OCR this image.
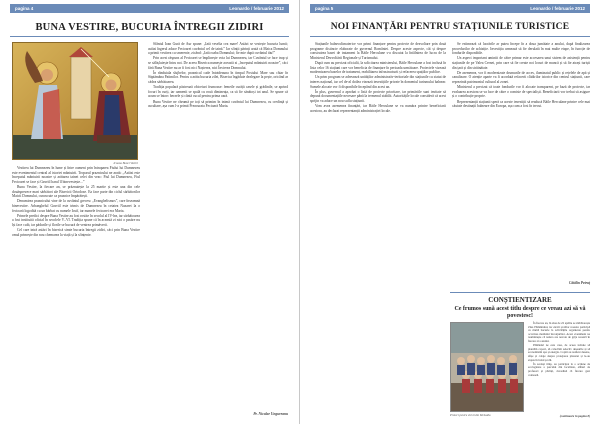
pagina 4	Leonardo / februarie 2012
BUNA VESTIRE, BUCURIA ÎNTREGII ZIDIRI
Icoana Bunei Vestiri

Vestirea lui Dumnezeu în lume și între oameni prin întruparea Fiului lui Dumnezeu este evenimentul central al istoriei mântuirii. Troparul praznicului ne arată: „Astăzi este începutul mântuirii noastre și arătarea tainei celei din veac: Fiul lui Dumnezeu, Fiul Fecioarei se face și Gavriil harul îl binevestește...”

Buna Vestire, la fiecare an, se prăznuiește la 25 martie și este una din cele douăsprezece mari sărbători ale Bisericii Ortodoxe. Ea face parte din ciclul sărbătorilor Maicii Domnului, cunoscute ca praznice împărătești.

Denumirea praznicului vine de la cuvântul grecesc „Evanghelismos”, care înseamnă binevestire. Arhanghelul Gavriil este trimis de Dumnezeu în cetatea Nazaret la o fecioară logodită cu un bărbat cu numele Iosif, iar numele fecioarei era Maria.

Primele predici despre Buna Vestire au fost rostite în secolul al IV-lea, iar sărbătoarea a fost instituită oficial în secolele V–VI. Tradiția spune că în această zi nici o pasăre nu își face cuib, iar pădurile și florile se bucură de venirea primăverii.

Cel care intră astăzi în biserică simte bucuria întregii zidiri, căci prin Buna Vestire omul primește din nou chemarea la viață și la sfințenie.

Sfântul Ioan Gură de Aur spune: „Iată veselia cea mare! Astăzi se vestește bucuria lumii; astăzi îngerul aduce Fecioarei cuvântul cel de taină.” Iar sfinții părinți arată că Maica Domnului a primit vestirea cu smerenie, zicând: „Iată roaba Domnului; fie mie după cuvântul tău!”

Prin acest răspuns al Fecioarei se împlinește voia lui Dumnezeu, iar Cuvântul se face trup și se sălășluiește întru noi. De aceea Biserica numește această zi „începutul mântuirii noastre”, căci fără Buna Vestire nu ar fi fost nici Nașterea, nici Învierea Domnului.

În rânduiala slujbelor, praznicul cade întotdeauna în timpul Postului Mare sau chiar în Săptămâna Patimilor. Pentru a arăta bucuria zilei, Biserica îngăduie dezlegare la pește, oricând ar cădea sărbătoarea.

Tradiția populară păstrează obiceiuri frumoase: femeile curăță casele și grădinile, se aprind focuri în curți, iar oamenii se spală cu rouă dimineața, ca să fie sănătoși tot anul. Se spune că acum se întorc berzele și cântă cucul pentru prima oară.

Buna Vestire ne cheamă pe toți să primim în inimă cuvântul lui Dumnezeu, cu credință și ascultare, așa cum l-a primit Preacurata Fecioară Maria.

Pr. Nicolae Ungureanu
pagina 5	Leonardo / februarie 2012
NOI FINANȚĂRI PENTRU STAȚIUNILE TURISTICE

Stațiunile balneoclimaterice vor primi finanțare pentru proiecte de dezvoltare prin două programe distincte elaborate de guvernul României. Despre aceste aspecte, cât și despre construirea bazei de tratament la Băile Herculane s-a discutat la întâlnirea de lucru de la Ministerul Dezvoltării Regionale și Turismului.

După cum au precizat oficialii, la solicitarea ministerului, Băile Herculane a fost inclusă în lista celor 16 stațiuni care vor beneficia de finanțare în perioada următoare. Proiectele vizează modernizarea bazelor de tratament, reabilitarea infrastructurii și refacerea spațiilor publice.

Un prim program se adresează unităților administrativ-teritoriale din stațiunile cu statut de interes național, iar cel de-al doilea vizează investițiile private în domeniul turismului balnear. Sumele alocate vor fi disponibile începând din acest an.

În plus, guvernul a aprobat o listă de proiecte prioritare, iar primăriile sunt invitate să depună documentațiile necesare până la termenul stabilit. Autoritățile locale consideră că acest sprijin va aduce un nou suflu stațiunii.

Vom avea asemenea finanțări, iar Băile Herculane se va număra printre beneficiarii acestora, au declarat reprezentanții administrației locale.

Se estimează că lucrările ar putea începe în a doua jumătate a anului, după finalizarea procedurilor de achiziție. Investiția urmează să fie derulată în mai multe etape, în funcție de fondurile disponibile.

Un aspect important amintit de către primar este accesarea unui sistem de asistență pentru stațiunile de pe Valea Cernei, prin care să fie create noi locuri de muncă și să fie atrași turiști din țară și din străinătate.

De asemenea, vor fi modernizate drumurile de acces, iluminatul public și rețelele de apă și canalizare. O atenție aparte va fi acordată refacerii clădirilor istorice din centrul stațiunii, care reprezintă patrimoniul cultural al zonei.

Ministerul a precizat că toate fondurile vor fi alocate transparent, pe bază de proiecte, iar evaluarea acestora se va face de către o comisie de specialiști. Beneficiarii vor trebui să asigure și o contribuție proprie.

Reprezentanții stațiunii speră ca aceste investiții să readucă Băile Herculane printre cele mai căutate destinații balneare din Europa, așa cum a fost în trecut.

Cătălin Petruț
CONȘTIENTIZARE
Ce frumos sună acest titlu despre ce vreau azi să vă povestesc!
Proiect pentru elevii din Mehadia

În fiecare an, în ziua de 22 aprilie se sărbătorește Ziua Pământului, iar elevii școlilor noastre participă cu multă bucurie la activitățile organizate pentru ocrotirea mediului înconjurător. Acest eveniment ne reamintește că natura are nevoie de grija noastră în fiecare zi a anului.

Pământul ne este casa, de aceea trebuie să plantăm copaci, să colectăm selectiv deșeurile și să economisim apa și energia. Copiii au realizat desene, afișe și colaje despre protejarea planetei și le-au expus în holul școlii.

În același timp, au participat la o acțiune de ecologizare a parcului din localitate, alături de profesori și părinți, dovedind că fiecare gest contează.

(continuare în pagina 8)
